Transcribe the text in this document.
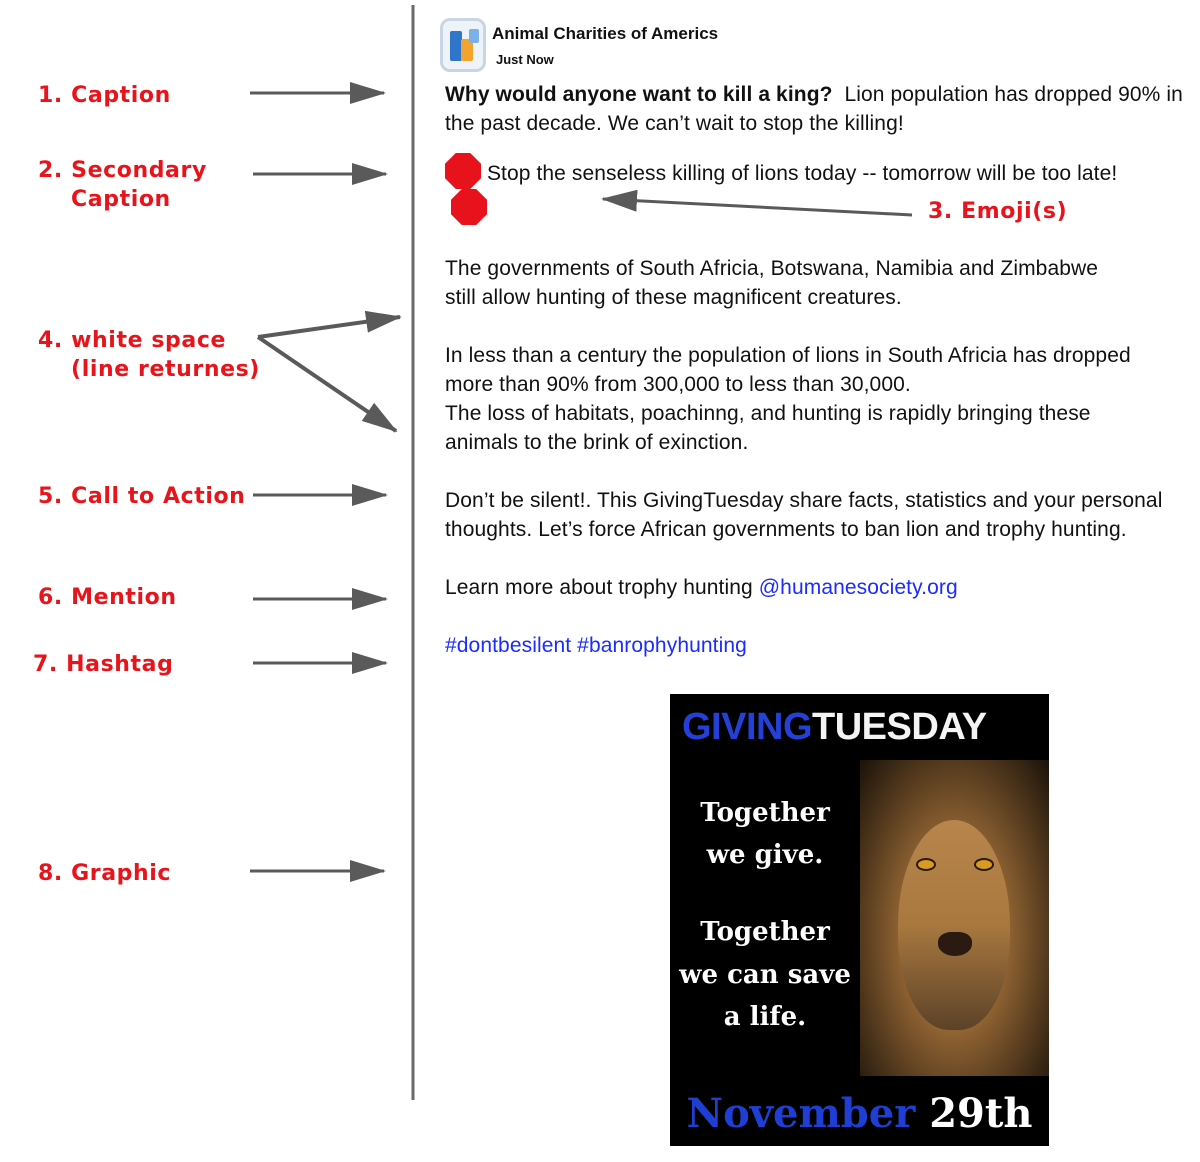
1. Caption
2. Secondary
Caption	3. Emoji(s)
4. white space
(line returnes)
5. Call to Action
6. Mention
7. Hashtag
8. Graphic
Animal Charities of Americs
Just Now

Why would anyone want to kill a king? Lion population has dropped 90% in the past decade. We can’t wait to stop the killing!

Stop the senseless killing of lions today -- tomorrow will be too late!

The governments of South Africia, Botswana, Namibia and Zimbabwe still allow hunting of these magnificent creatures.

In less than a century the population of lions in South Africia has dropped more than 90% from 300,000 to less than 30,000.

The loss of habitats, poachinng, and hunting is rapidly bringing these animals to the brink of exinction.

Don’t be silent!. This GivingTuesday share facts, statistics and your personal thoughts. Let’s force African governments to ban lion and trophy hunting.

Learn more about trophy hunting @humanesociety.org

#dontbesilent #banrophyhunting

GIVINGTUESDAY
Together
we give.
Together
we can save
a life.
November 29th
